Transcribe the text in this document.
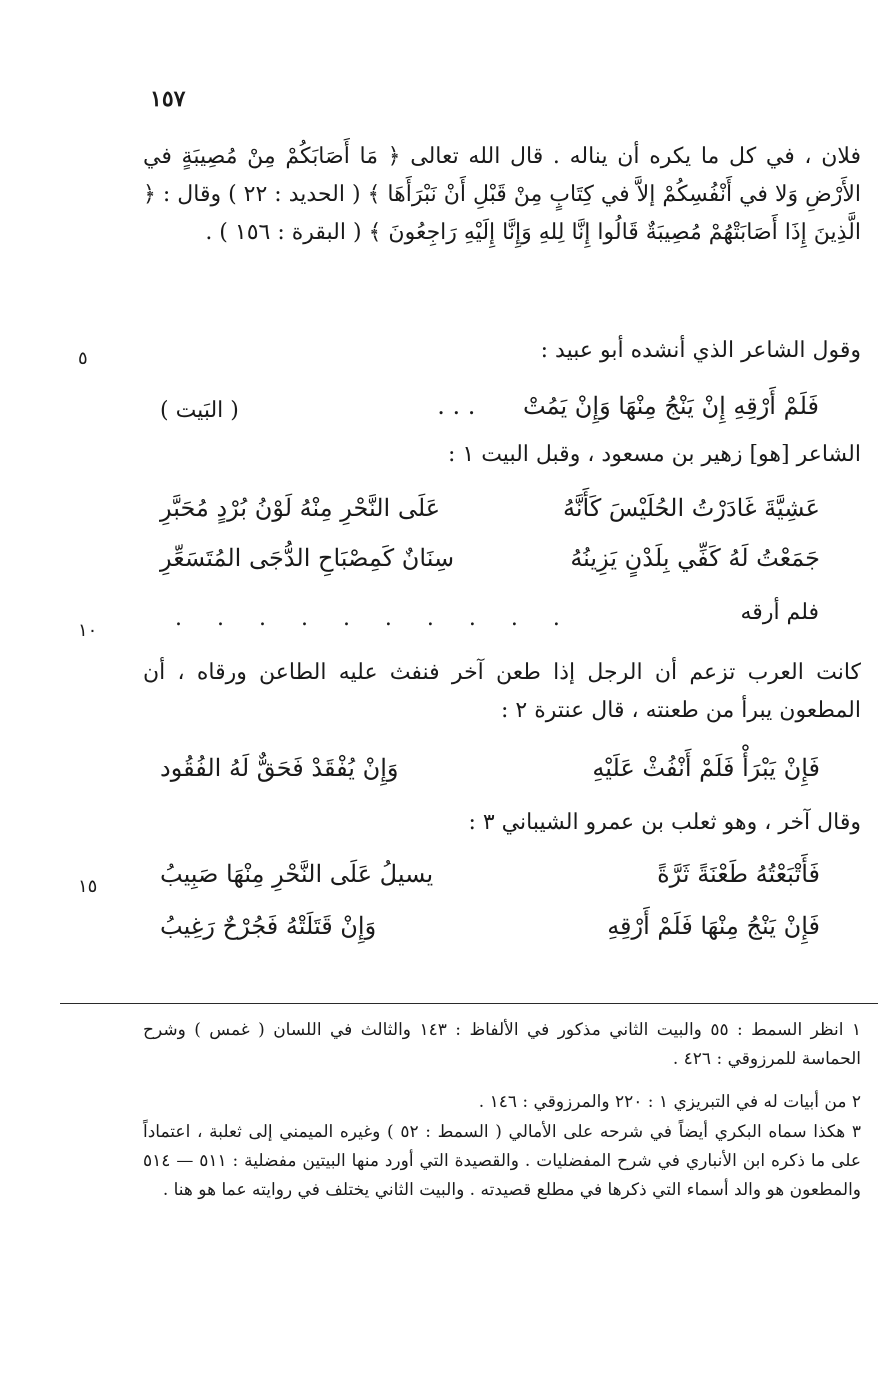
١٥٧
٥
١٠
١٥

فلان ، في كل ما يكره أن يناله . قال الله تعالى ﴿ مَا أَصَابَكُمْ مِنْ مُصِيبَةٍ في الأَرْضِ وَلا في أَنْفُسِكُمْ إلاَّ في كِتَابٍ مِنْ قَبْلِ أَنْ نَبْرَأَهَا ﴾ ( الحديد : ٢٢ ) وقال : ﴿ الَّذِينَ إِذَا أَصَابَتْهُمْ مُصِيبَةٌ قَالُوا إِنَّا لِلهِ وَإِنَّا إِلَيْهِ رَاجِعُونَ ﴾ ( البقرة : ١٥٦ ) .

وقول الشاعر الذي أنشده أبو عبيد :

فَلَمْ أَرْقِهِ إِنْ يَنْجُ مِنْهَا وَإِنْ يَمُتْ . . .
( البَيت )

الشاعر [هو] زهير بن مسعود ، وقبل البيت ١ :

عَشِيَّةَ غَادَرْتُ الحُلَيْسَ كَأَنَّهُ
عَلَى النَّحْرِ مِنْهُ لَوْنُ بُرْدٍ مُحَبَّرِ
جَمَعْتُ لَهُ كَفِّي بِلَدْنٍ يَزِينُهُ
سِنَانٌ كَمِصْبَاحِ الدُّجَى المُتَسَعِّرِ
فلم أرقه
. . . . . . . . . .

كانت العرب تزعم أن الرجل إذا طعن آخر فنفث عليه الطاعن ورقاه ، أن المطعون يبرأ من طعنته ، قال عنترة ٢ :

فَإِنْ يَبْرَأْ فَلَمْ أَنْفُثْ عَلَيْهِ
وَإِنْ يُفْقَدْ فَحَقٌّ لَهُ الفُقُود

وقال آخر ، وهو ثعلب بن عمرو الشيباني ٣ :

فَأَتْبَعْتُهُ طَعْنَةً ثَرَّةً
يسيلُ عَلَى النَّحْرِ مِنْهَا صَبِيبُ
فَإِنْ يَنْجُ مِنْهَا فَلَمْ أَرْقِهِ
وَإِنْ قَتَلَتْهُ فَجُرْحٌ رَغِيبُ

١ انظر السمط : ٥٥ والبيت الثاني مذكور في الألفاظ : ١٤٣ والثالث في اللسان ( غمس ) وشرح الحماسة للمرزوقي : ٤٢٦ .

٢ من أبيات له في التبريزي ١ : ٢٢٠ والمرزوقي : ١٤٦ .

٣ هكذا سماه البكري أيضاً في شرحه على الأمالي ( السمط : ٥٢ ) وغيره الميمني إلى ثعلبة ، اعتماداً على ما ذكره ابن الأنباري في شرح المفضليات . والقصيدة التي أورد منها البيتين مفضلية : ٥١١ — ٥١٤ والمطعون هو والد أسماء التي ذكرها في مطلع قصيدته . والبيت الثاني يختلف في روايته عما هو هنا .
